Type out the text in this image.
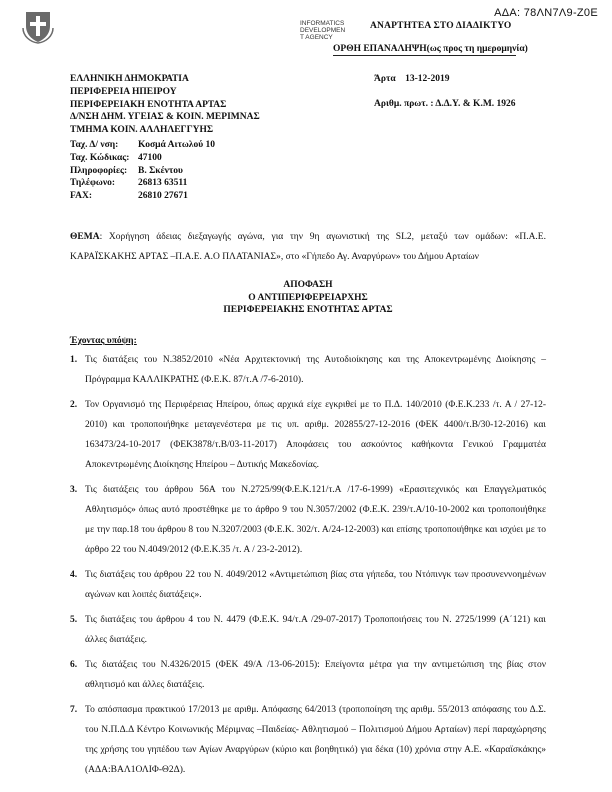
ΑΔΑ: 78ΛΝ7Λ9-Ζ0Ε
INFORMATICS
DEVELOPMEN
T AGENCY
ΑΝΑΡΤΗΤΕΑ ΣΤΟ ΔΙΑΔΙΚΤΥΟ
ΟΡΘΗ ΕΠΑΝΑΛΗΨΗ(ως προς τη ημερομηνία)
ΕΛΛΗΝΙΚΗ ΔΗΜΟΚΡΑΤΙΑ
ΠΕΡΙΦΕΡΕΙΑ ΗΠΕΙΡΟΥ
ΠΕΡΙΦΕΡΕΙΑΚΗ ΕΝΟΤΗΤΑ ΑΡΤΑΣ
Δ/ΝΣΗ ΔΗΜ. ΥΓΕΙΑΣ & ΚΟΙΝ. ΜΕΡΙΜΝΑΣ
ΤΜΗΜΑ ΚΟΙΝ. ΑΛΛΗΛΕΓΓΥΗΣ
Ταχ. Δ/ νση:	Κοσμά Αιτωλού 10
Ταχ. Κώδικας: 47100
Πληροφορίες:	Β. Σκέντου
Τηλέφωνο:	26813 63511
FAX:	26810 27671
Άρτα    13-12-2019
Αριθμ. πρωτ. : Δ.Δ.Υ. & Κ.Μ. 1926
ΘΕΜΑ: Χορήγηση άδειας διεξαγωγής αγώνα, για την 9η αγωνιστική της SL2, μεταξύ των ομάδων: «Π.Α.Ε. ΚΑΡΑΪΣΚΑΚΗΣ ΑΡΤΑΣ –Π.Α.Ε. Α.Ο ΠΛΑΤΑΝΙΑΣ», στο «Γήπεδο Αγ. Αναργύρων» του Δήμου Αρταίων
ΑΠΟΦΑΣΗ
Ο ΑΝΤΙΠΕΡΙΦΕΡΕΙΑΡΧΗΣ
ΠΕΡΙΦΕΡΕΙΑΚΗΣ ΕΝΟΤΗΤΑΣ ΑΡΤΑΣ
Έχοντας υπόψη:
1. Τις διατάξεις του Ν.3852/2010 «Νέα Αρχιτεκτονική της Αυτοδιοίκησης και της Αποκεντρωμένης Διοίκησης – Πρόγραμμα ΚΑΛΛΙΚΡΑΤΗΣ (Φ.Ε.Κ. 87/τ.Α /7-6-2010).
2. Τον Οργανισμό της Περιφέρειας Ηπείρου, όπως αρχικά είχε εγκριθεί με το Π.Δ. 140/2010 (Φ.Ε.Κ.233 /τ. Α / 27-12-2010) και τροποποιήθηκε μεταγενέστερα με τις υπ. αριθμ. 202855/27-12-2016 (ΦΕΚ 4400/τ.Β/30-12-2016) και 163473/24-10-2017 (ΦΕΚ3878/τ.Β/03-11-2017) Αποφάσεις του ασκούντος καθήκοντα Γενικού Γραμματέα Αποκεντρωμένης Διοίκησης Ηπείρου – Δυτικής Μακεδονίας.
3. Τις διατάξεις του άρθρου 56Α του Ν.2725/99(Φ.Ε.Κ.121/τ.Α /17-6-1999) «Ερασιτεχνικός και Επαγγελματικός Αθλητισμός» όπως αυτό προστέθηκε με το άρθρο 9 του Ν.3057/2002 (Φ.Ε.Κ. 239/τ.Α/10-10-2002 και τροποποιήθηκε με την παρ.18 του άρθρου 8 του Ν.3207/2003 (Φ.Ε.Κ. 302/τ. Α/24-12-2003) και επίσης τροποποιήθηκε και ισχύει με το άρθρο 22 του Ν.4049/2012 (Φ.Ε.Κ.35 /τ. Α / 23-2-2012).
4. Τις διατάξεις του άρθρου 22 του Ν. 4049/2012 «Αντιμετώπιση βίας στα γήπεδα, του Ντόπινγκ των προσυνεννοημένων αγώνων και λοιπές διατάξεις».
5. Τις διατάξεις του άρθρου 4 του Ν. 4479 (Φ.Ε.Κ. 94/τ.Α /29-07-2017) Τροποποιήσεις του Ν. 2725/1999 (Α΄121) και άλλες διατάξεις.
6. Τις διατάξεις του Ν.4326/2015 (ΦΕΚ 49/Α /13-06-2015): Επείγοντα μέτρα για την αντιμετώπιση της βίας στον αθλητισμό και άλλες διατάξεις.
7. Το απόσπασμα πρακτικού 17/2013 με αριθμ. Απόφασης 64/2013 (τροποποίηση της αριθμ. 55/2013 απόφασης του Δ.Σ. του Ν.Π.Δ.Δ Κέντρο Κοινωνικής Μέριμνας –Παιδείας- Αθλητισμού – Πολιτισμού Δήμου Αρταίων) περί παραχώρησης της χρήσης του γηπέδου των Αγίων Αναργύρων (κύριο και βοηθητικό) για δέκα (10) χρόνια στην Α.Ε. «Καραϊσκάκης» (ΑΔΑ:ΒΑΛ1ΟΛΙΦ-Θ2Δ).
